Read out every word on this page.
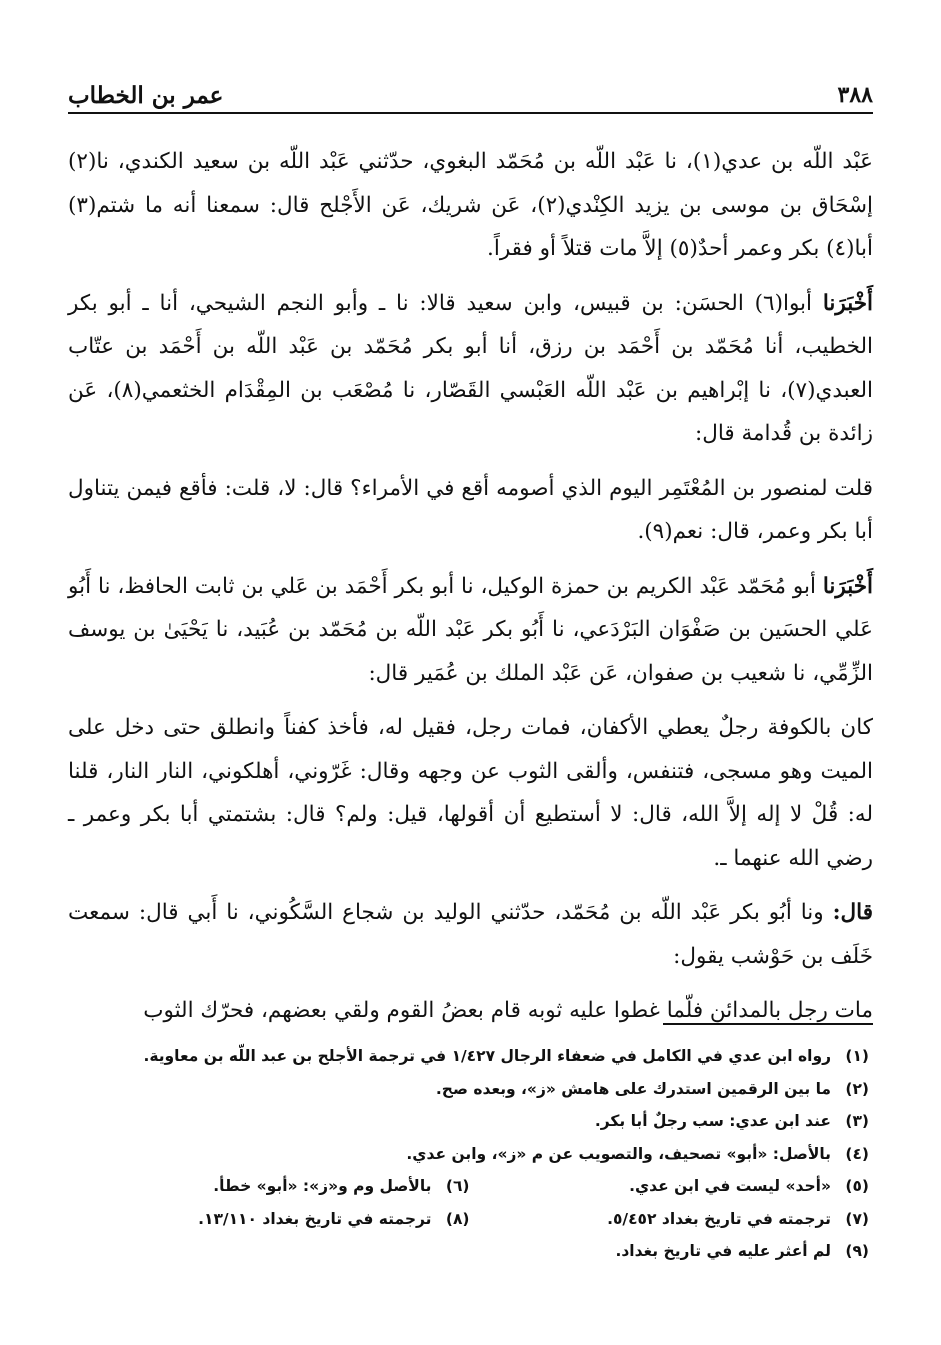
٣٨٨
عمر بن الخطاب

عَبْد اللّه بن عدي(١)، نا عَبْد اللّه بن مُحَمّد البغوي، حدّثني عَبْد اللّه بن سعيد الكندي، نا(٢) إسْحَاق بن موسى بن يزيد الكِنْدي(٢)، عَن شريك، عَن الأَجْلح قال: سمعنا أنه ما شتم(٣) أبا(٤) بكر وعمر أحدٌ(٥) إلاَّ مات قتلاً أو فقراً.

أَخْبَرَنا أبوا(٦) الحسَن: بن قبيس، وابن سعيد قالا: نا ـ وأبو النجم الشيحي، أنا ـ أبو بكر الخطيب، أنا مُحَمّد بن أَحْمَد بن رزق، أنا أبو بكر مُحَمّد بن عَبْد اللّه بن أَحْمَد بن عتّاب العبدي(٧)، نا إبْراهيم بن عَبْد اللّه العَبْسي القَصّار، نا مُصْعَب بن المِقْدَام الخثعمي(٨)، عَن زائدة بن قُدامة قال:

قلت لمنصور بن المُعْتَمِر اليوم الذي أصومه أقع في الأمراء؟ قال: لا، قلت: فأقع فيمن يتناول أبا بكر وعمر، قال: نعم(٩).

أَخْبَرَنا أبو مُحَمّد عَبْد الكريم بن حمزة الوكيل، نا أبو بكر أَحْمَد بن عَلي بن ثابت الحافظ، نا أَبُو عَلي الحسَين بن صَفْوَان البَرْدَعي، نا أَبُو بكر عَبْد اللّه بن مُحَمّد بن عُبَيد، نا يَحْيَىٰ بن يوسف الزِّمِّي، نا شعيب بن صفوان، عَن عَبْد الملك بن عُمَير قال:

كان بالكوفة رجلٌ يعطي الأكفان، فمات رجل، فقيل له، فأخذ كفناً وانطلق حتى دخل على الميت وهو مسجى، فتنفس، وألقى الثوب عن وجهه وقال: غَرّوني، أهلكوني، النار النار، قلنا له: قُلْ لا إله إلاَّ الله، قال: لا أستطيع أن أقولها، قيل: ولم؟ قال: بشتمتي أبا بكر وعمر ـ رضي الله عنهما ـ.

قال: ونا أبُو بكر عَبْد اللّه بن مُحَمّد، حدّثني الوليد بن شجاع السَّكُوني، نا أَبي قال: سمعت خَلَف بن حَوْشب يقول:

مات رجل بالمدائن فلّما غطوا عليه ثوبه قام بعضُ القوم ولقي بعضهم، فحرّك الثوب

(١)
رواه ابن عدي في الكامل في ضعفاء الرجال ١/٤٢٧ في ترجمة الأجلح بن عبد اللّه بن معاوية.
(٢)
ما بين الرقمين استدرك على هامش «ز»، وبعده صح.
(٣)
عند ابن عدي: سب رجلٌ أبا بكر.
(٤)
بالأصل: «أبو» تصحيف، والتصويب عن م «ز»، وابن عدي.
(٥)
«أحد» ليست في ابن عدي.
(٦)
بالأصل وم و«ز»: «أبو» خطأ.
(٧)
ترجمته في تاريخ بغداد ٥/٤٥٢.
(٨)
ترجمته في تاريخ بغداد ١٣/١١٠.
(٩)
لم أعثر عليه في تاريخ بغداد.
